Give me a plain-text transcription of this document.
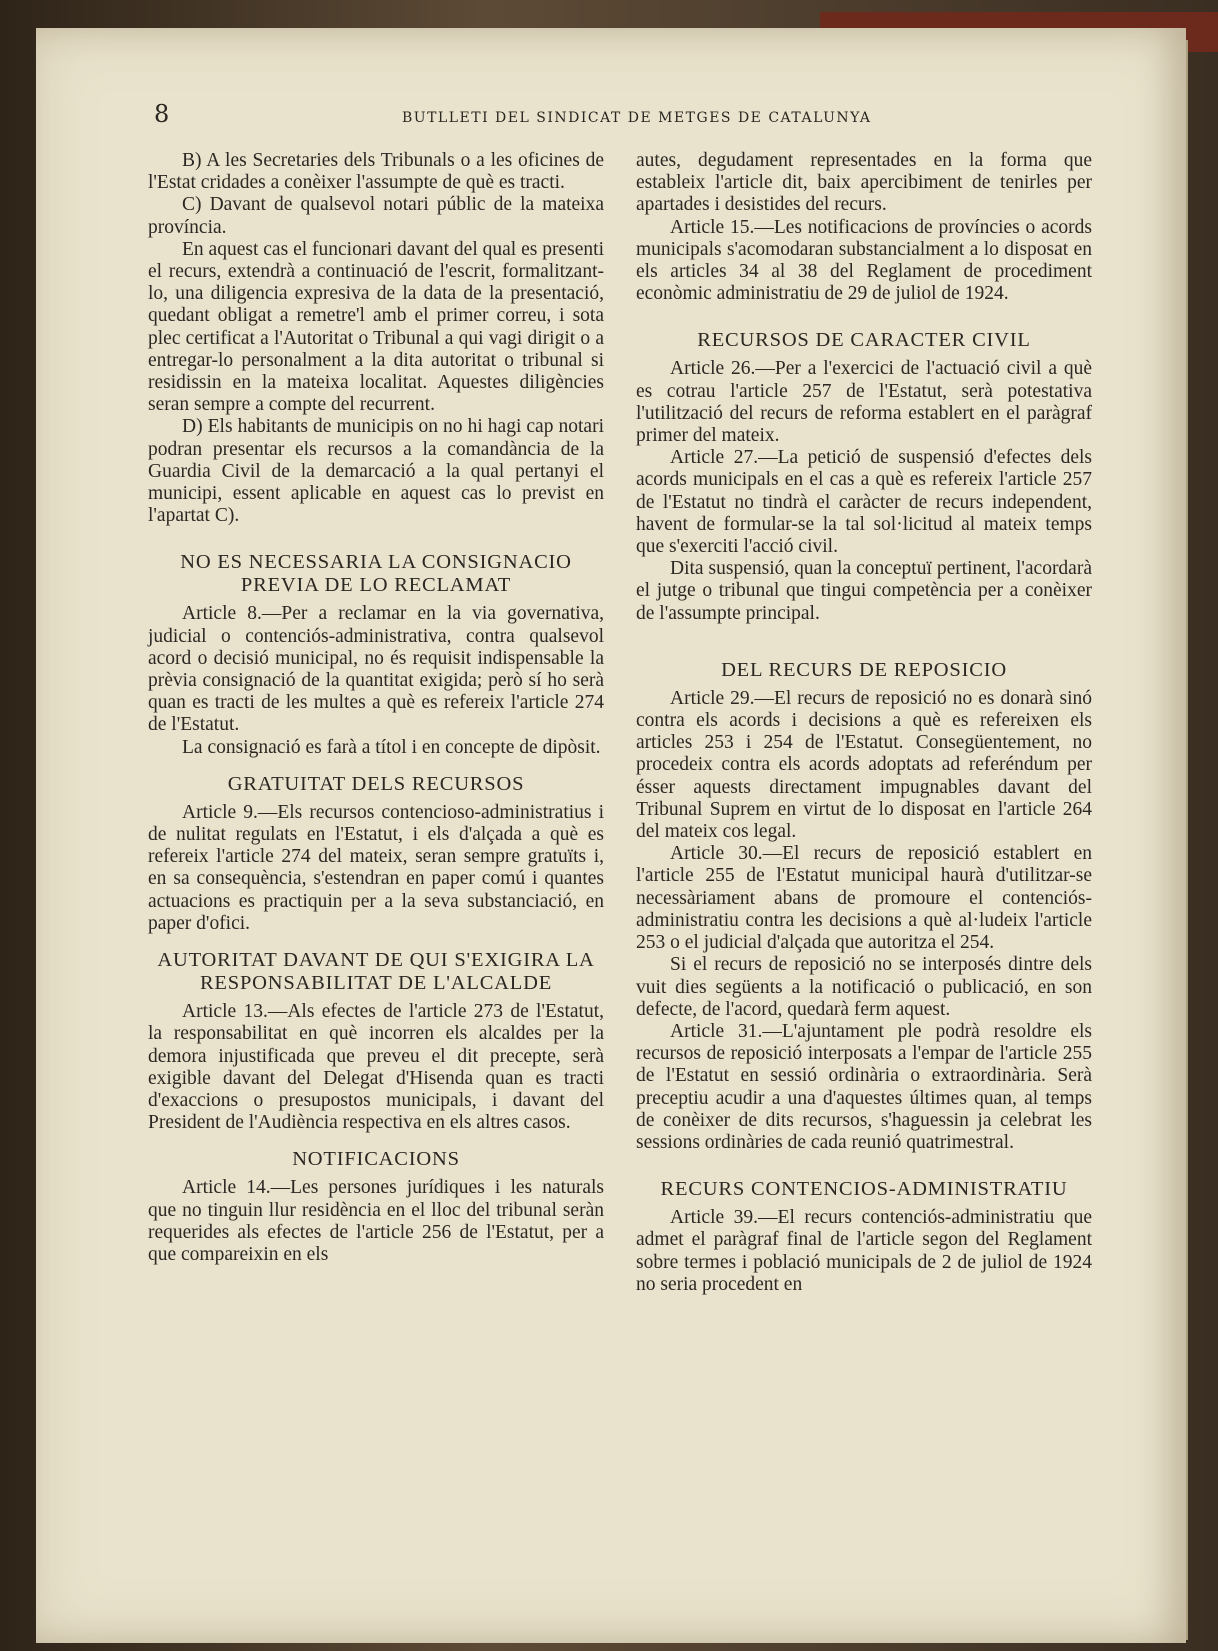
8	BUTLLETI DEL SINDICAT DE METGES DE CATALUNYA

B) A les Secretaries dels Tribunals o a les oficines de l'Estat cridades a conèixer l'assumpte de què es tracti.

C) Davant de qualsevol notari públic de la mateixa província.

En aquest cas el funcionari davant del qual es presenti el recurs, extendrà a continuació de l'escrit, formalitzant-lo, una diligencia expresiva de la data de la presentació, quedant obligat a remetre'l amb el primer correu, i sota plec certificat a l'Autoritat o Tribunal a qui vagi dirigit o a entregar-lo personalment a la dita autoritat o tribunal si residissin en la mateixa localitat. Aquestes diligències seran sempre a compte del recurrent.

D) Els habitants de municipis on no hi hagi cap notari podran presentar els recursos a la comandància de la Guardia Civil de la demarcació a la qual pertanyi el municipi, essent aplicable en aquest cas lo previst en l'apartat C).

NO ES NECESSARIA LA CONSIGNACIO PREVIA DE LO RECLAMAT

Article 8.—Per a reclamar en la via governativa, judicial o contenciós-administrativa, contra qualsevol acord o decisió municipal, no és requisit indispensable la prèvia consignació de la quantitat exigida; però sí ho serà quan es tracti de les multes a què es refereix l'article 274 de l'Estatut.

La consignació es farà a títol i en concepte de dipòsit.

GRATUITAT DELS RECURSOS

Article 9.—Els recursos contencioso-administratius i de nulitat regulats en l'Estatut, i els d'alçada a què es refereix l'article 274 del mateix, seran sempre gratuïts i, en sa consequència, s'estendran en paper comú i quantes actuacions es practiquin per a la seva substanciació, en paper d'ofici.

AUTORITAT DAVANT DE QUI S'EXIGIRA LA RESPONSABILITAT DE L'ALCALDE

Article 13.—Als efectes de l'article 273 de l'Estatut, la responsabilitat en què incorren els alcaldes per la demora injustificada que preveu el dit precepte, serà exigible davant del Delegat d'Hisenda quan es tracti d'exaccions o presupostos municipals, i davant del President de l'Audiència respectiva en els altres casos.

NOTIFICACIONS

Article 14.—Les persones jurídiques i les naturals que no tinguin llur residència en el lloc del tribunal seràn requerides als efectes de l'article 256 de l'Estatut, per a que compareixin en els

autes, degudament representades en la forma que estableix l'article dit, baix apercibiment de tenirles per apartades i desistides del recurs.

Article 15.—Les notificacions de províncies o acords municipals s'acomodaran substancialment a lo disposat en els articles 34 al 38 del Reglament de procediment econòmic administratiu de 29 de juliol de 1924.

RECURSOS DE CARACTER CIVIL

Article 26.—Per a l'exercici de l'actuació civil a què es cotrau l'article 257 de l'Estatut, serà potestativa l'utilització del recurs de reforma establert en el paràgraf primer del mateix.

Article 27.—La petició de suspensió d'efectes dels acords municipals en el cas a què es refereix l'article 257 de l'Estatut no tindrà el caràcter de recurs independent, havent de formular-se la tal sol·licitud al mateix temps que s'exerciti l'acció civil.

Dita suspensió, quan la conceptuï pertinent, l'acordarà el jutge o tribunal que tingui competència per a conèixer de l'assumpte principal.

DEL RECURS DE REPOSICIO

Article 29.—El recurs de reposició no es donarà sinó contra els acords i decisions a què es refereixen els articles 253 i 254 de l'Estatut. Consegüentement, no procedeix contra els acords adoptats ad referéndum per ésser aquests directament impugnables davant del Tribunal Suprem en virtut de lo disposat en l'article 264 del mateix cos legal.

Article 30.—El recurs de reposició establert en l'article 255 de l'Estatut municipal haurà d'utilitzar-se necessàriament abans de promoure el contenciós-administratiu contra les decisions a què al·ludeix l'article 253 o el judicial d'alçada que autoritza el 254.

Si el recurs de reposició no se interposés dintre dels vuit dies següents a la notificació o publicació, en son defecte, de l'acord, quedarà ferm aquest.

Article 31.—L'ajuntament ple podrà resoldre els recursos de reposició interposats a l'empar de l'article 255 de l'Estatut en sessió ordinària o extraordinària. Serà preceptiu acudir a una d'aquestes últimes quan, al temps de conèixer de dits recursos, s'haguessin ja celebrat les sessions ordinàries de cada reunió quatrimestral.

RECURS CONTENCIOS-ADMINISTRATIU

Article 39.—El recurs contenciós-administratiu que admet el paràgraf final de l'article segon del Reglament sobre termes i població municipals de 2 de juliol de 1924 no seria procedent en
